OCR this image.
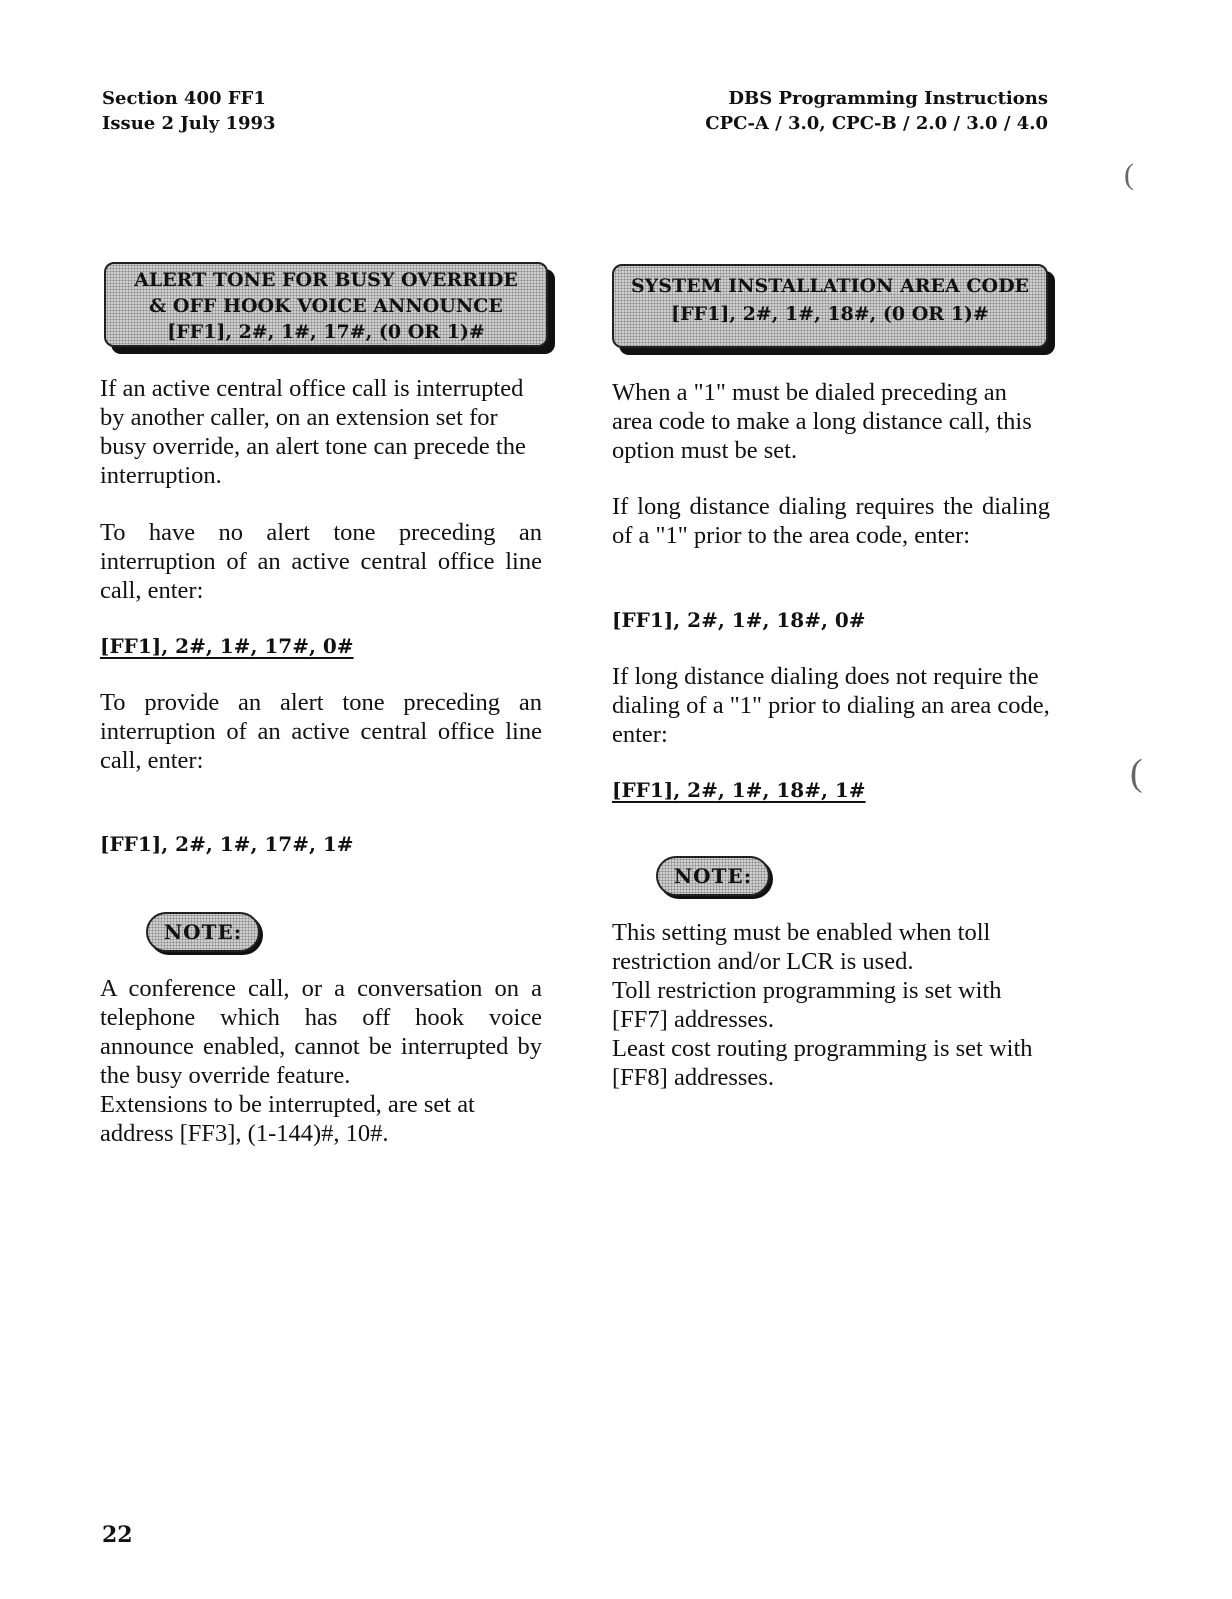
Section 400 FF1
Issue 2 July 1993
DBS Programming Instructions
CPC-A / 3.0, CPC-B / 2.0 / 3.0 / 4.0
(
(
ALERT TONE FOR BUSY OVERRIDE
& OFF HOOK VOICE ANNOUNCE
[FF1], 2#, 1#, 17#, (0 OR 1)#

If an active central office call is interrupted by another caller, on an extension set for busy override, an alert tone can precede the interruption.

To have no alert tone preceding an interruption of an active central office line call, enter:

[FF1], 2#, 1#, 17#, 0#

To provide an alert tone preceding an interruption of an active central office line call, enter:

[FF1], 2#, 1#, 17#, 1#
NOTE:

A conference call, or a conversation on a telephone which has off hook voice announce enabled, cannot be interrupted by the busy override feature.

Extensions to be interrupted, are set at address [FF3], (1-144)#, 10#.

SYSTEM INSTALLATION AREA CODE
[FF1], 2#, 1#, 18#, (0 OR 1)#

When a "1" must be dialed preceding an area code to make a long distance call, this option must be set.

If long distance dialing requires the dialing of a "1" prior to the area code, enter:

[FF1], 2#, 1#, 18#, 0#

If long distance dialing does not require the dialing of a "1" prior to dialing an area code, enter:

[FF1], 2#, 1#, 18#, 1#
NOTE:

This setting must be enabled when toll restriction and/or LCR is used.

Toll restriction programming is set with [FF7] addresses.

Least cost routing programming is set with [FF8] addresses.

22
